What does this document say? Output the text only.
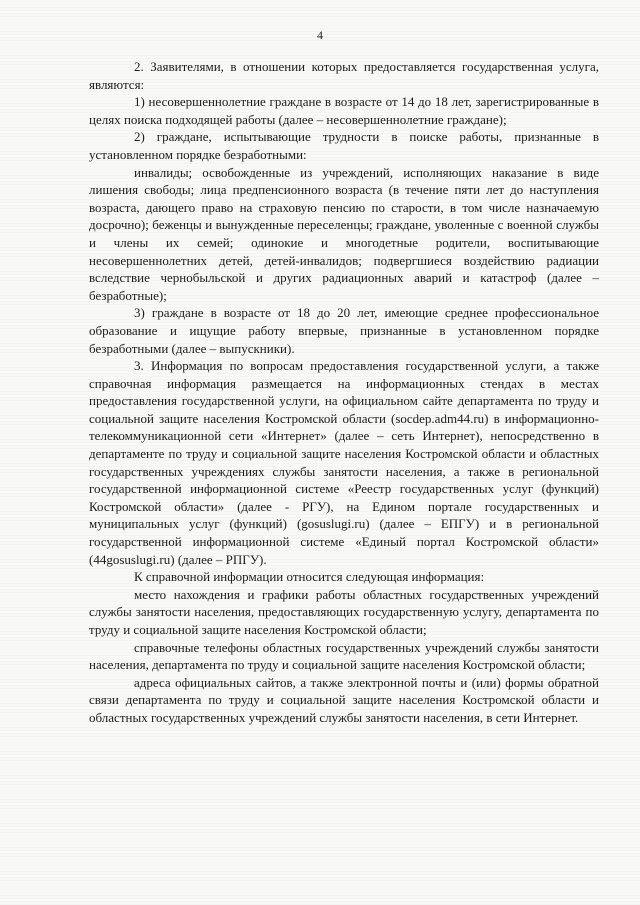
4

2. Заявителями, в отношении которых предоставляется государственная услуга, являются:

1) несовершеннолетние граждане в возрасте от 14 до 18 лет, зарегистрированные в целях поиска подходящей работы (далее – несовершеннолетние граждане);

2) граждане, испытывающие трудности в поиске работы, признанные в установленном порядке безработными:

инвалиды; освобожденные из учреждений, исполняющих наказание в виде лишения свободы; лица предпенсионного возраста (в течение пяти лет до наступления возраста, дающего право на страховую пенсию по старости, в том числе назначаемую досрочно); беженцы и вынужденные переселенцы; граждане, уволенные с военной службы и члены их семей; одинокие и многодетные родители, воспитывающие несовершеннолетних детей, детей-инвалидов; подвергшиеся воздействию радиации вследствие чернобыльской и других радиационных аварий и катастроф (далее – безработные);

3) граждане в возрасте от 18 до 20 лет, имеющие среднее профессиональное образование и ищущие работу впервые, признанные в установленном порядке безработными (далее – выпускники).

3. Информация по вопросам предоставления государственной услуги, а также справочная информация размещается на информационных стендах в местах предоставления государственной услуги, на официальном сайте департамента по труду и социальной защите населения Костромской области (socdep.adm44.ru) в информационно-телекоммуникационной сети «Интернет» (далее – сеть Интернет), непосредственно в департаменте по труду и социальной защите населения Костромской области и областных государственных учреждениях службы занятости населения, а также в региональной государственной информационной системе «Реестр государственных услуг (функций) Костромской области» (далее - РГУ), на Едином портале государственных и муниципальных услуг (функций) (gosuslugi.ru) (далее – ЕПГУ) и в региональной государственной информационной системе «Единый портал Костромской области» (44gosuslugi.ru) (далее – РПГУ).

К справочной информации относится следующая информация:

место нахождения и графики работы областных государственных учреждений службы занятости населения, предоставляющих государственную услугу, департамента по труду и социальной защите населения Костромской области;

справочные телефоны областных государственных учреждений службы занятости населения, департамента по труду и социальной защите населения Костромской области;

адреса официальных сайтов, а также электронной почты и (или) формы обратной связи департамента по труду и социальной защите населения Костромской области и областных государственных учреждений службы занятости населения, в сети Интернет.
